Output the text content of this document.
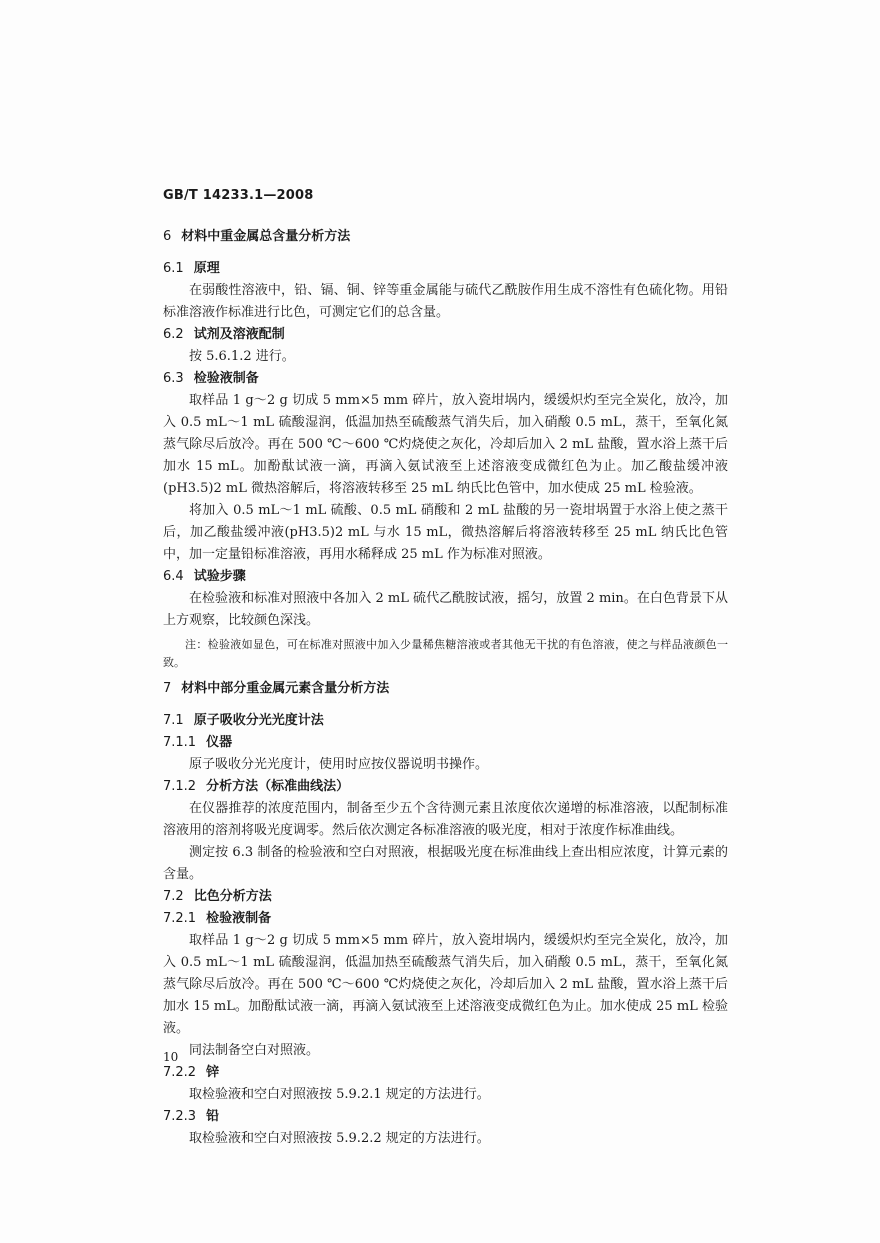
GB/T 14233.1—2008
6 材料中重金属总含量分析方法
6.1 原理

在弱酸性溶液中，铅、镉、铜、锌等重金属能与硫代乙酰胺作用生成不溶性有色硫化物。用铅标准溶液作标准进行比色，可测定它们的总含量。

6.2 试剂及溶液配制

按 5.6.1.2 进行。

6.3 检验液制备

取样品 1 g～2 g 切成 5 mm×5 mm 碎片，放入瓷坩埚内，缓缓炽灼至完全炭化，放冷，加入 0.5 mL～1 mL 硫酸湿润，低温加热至硫酸蒸气消失后，加入硝酸 0.5 mL，蒸干，至氧化氮蒸气除尽后放冷。再在 500 ℃～600 ℃灼烧使之灰化，冷却后加入 2 mL 盐酸，置水浴上蒸干后加水 15 mL。加酚酞试液一滴，再滴入氨试液至上述溶液变成微红色为止。加乙酸盐缓冲液(pH3.5)2 mL 微热溶解后，将溶液转移至 25 mL 纳氏比色管中，加水使成 25 mL 检验液。

将加入 0.5 mL～1 mL 硫酸、0.5 mL 硝酸和 2 mL 盐酸的另一瓷坩埚置于水浴上使之蒸干后，加乙酸盐缓冲液(pH3.5)2 mL 与水 15 mL，微热溶解后将溶液转移至 25 mL 纳氏比色管中，加一定量铅标准溶液，再用水稀释成 25 mL 作为标准对照液。

6.4 试验步骤

在检验液和标准对照液中各加入 2 mL 硫代乙酰胺试液，摇匀，放置 2 min。在白色背景下从上方观察，比较颜色深浅。

注：检验液如显色，可在标准对照液中加入少量稀焦糖溶液或者其他无干扰的有色溶液，使之与样品液颜色一致。

7 材料中部分重金属元素含量分析方法
7.1 原子吸收分光光度计法
7.1.1 仪器

原子吸收分光光度计，使用时应按仪器说明书操作。

7.1.2 分析方法（标准曲线法）

在仪器推荐的浓度范围内，制备至少五个含待测元素且浓度依次递增的标准溶液，以配制标准溶液用的溶剂将吸光度调零。然后依次测定各标准溶液的吸光度，相对于浓度作标准曲线。

测定按 6.3 制备的检验液和空白对照液，根据吸光度在标准曲线上查出相应浓度，计算元素的含量。

7.2 比色分析方法
7.2.1 检验液制备

取样品 1 g～2 g 切成 5 mm×5 mm 碎片，放入瓷坩埚内，缓缓炽灼至完全炭化，放冷，加入 0.5 mL～1 mL 硫酸湿润，低温加热至硫酸蒸气消失后，加入硝酸 0.5 mL，蒸干，至氧化氮蒸气除尽后放冷。再在 500 ℃～600 ℃灼烧使之灰化，冷却后加入 2 mL 盐酸，置水浴上蒸干后加水 15 mL。加酚酞试液一滴，再滴入氨试液至上述溶液变成微红色为止。加水使成 25 mL 检验液。

同法制备空白对照液。

7.2.2 锌

取检验液和空白对照液按 5.9.2.1 规定的方法进行。

7.2.3 铅

取检验液和空白对照液按 5.9.2.2 规定的方法进行。

10
